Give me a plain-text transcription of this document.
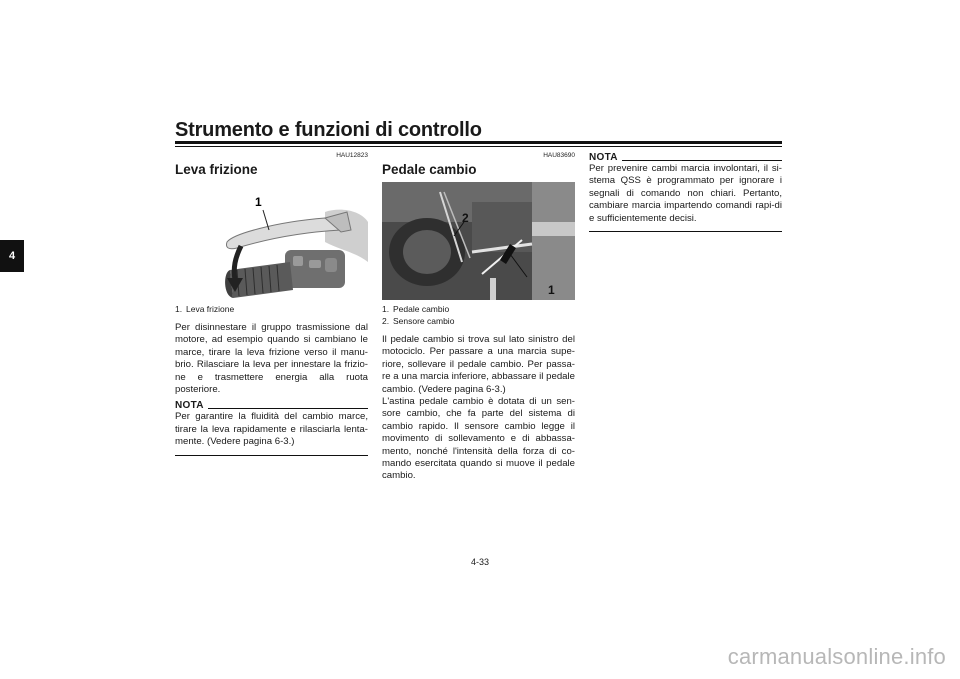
Strumento e funzioni di controllo
4
HAU12823
Leva frizione
1
1. Leva frizione
Per disinnestare il gruppo trasmissione dal motore, ad esempio quando si cambiano le marce, tirare la leva frizione verso il manu-brio. Rilasciare la leva per innestare la frizio-ne e trasmettere energia alla ruota posteriore.
NOTA
Per garantire la fluidità del cambio marce, tirare la leva rapidamente e rilasciarla lenta-mente. (Vedere pagina 6-3.)
HAU83690
Pedale cambio
2
1
1. Pedale cambio
2. Sensore cambio
Il pedale cambio si trova sul lato sinistro del motociclo. Per passare a una marcia supe-riore, sollevare il pedale cambio. Per passa-re a una marcia inferiore, abbassare il pedale cambio. (Vedere pagina 6-3.)
L'astina pedale cambio è dotata di un sen-sore cambio, che fa parte del sistema di cambio rapido. Il sensore cambio legge il movimento di sollevamento e di abbassa-mento, nonché l'intensità della forza di co-mando esercitata quando si muove il pedale cambio.
NOTA
Per prevenire cambi marcia involontari, il si-stema QSS è programmato per ignorare i segnali di comando non chiari. Pertanto, cambiare marcia impartendo comandi rapi-di e sufficientemente decisi.
4-33
carmanualsonline.info
